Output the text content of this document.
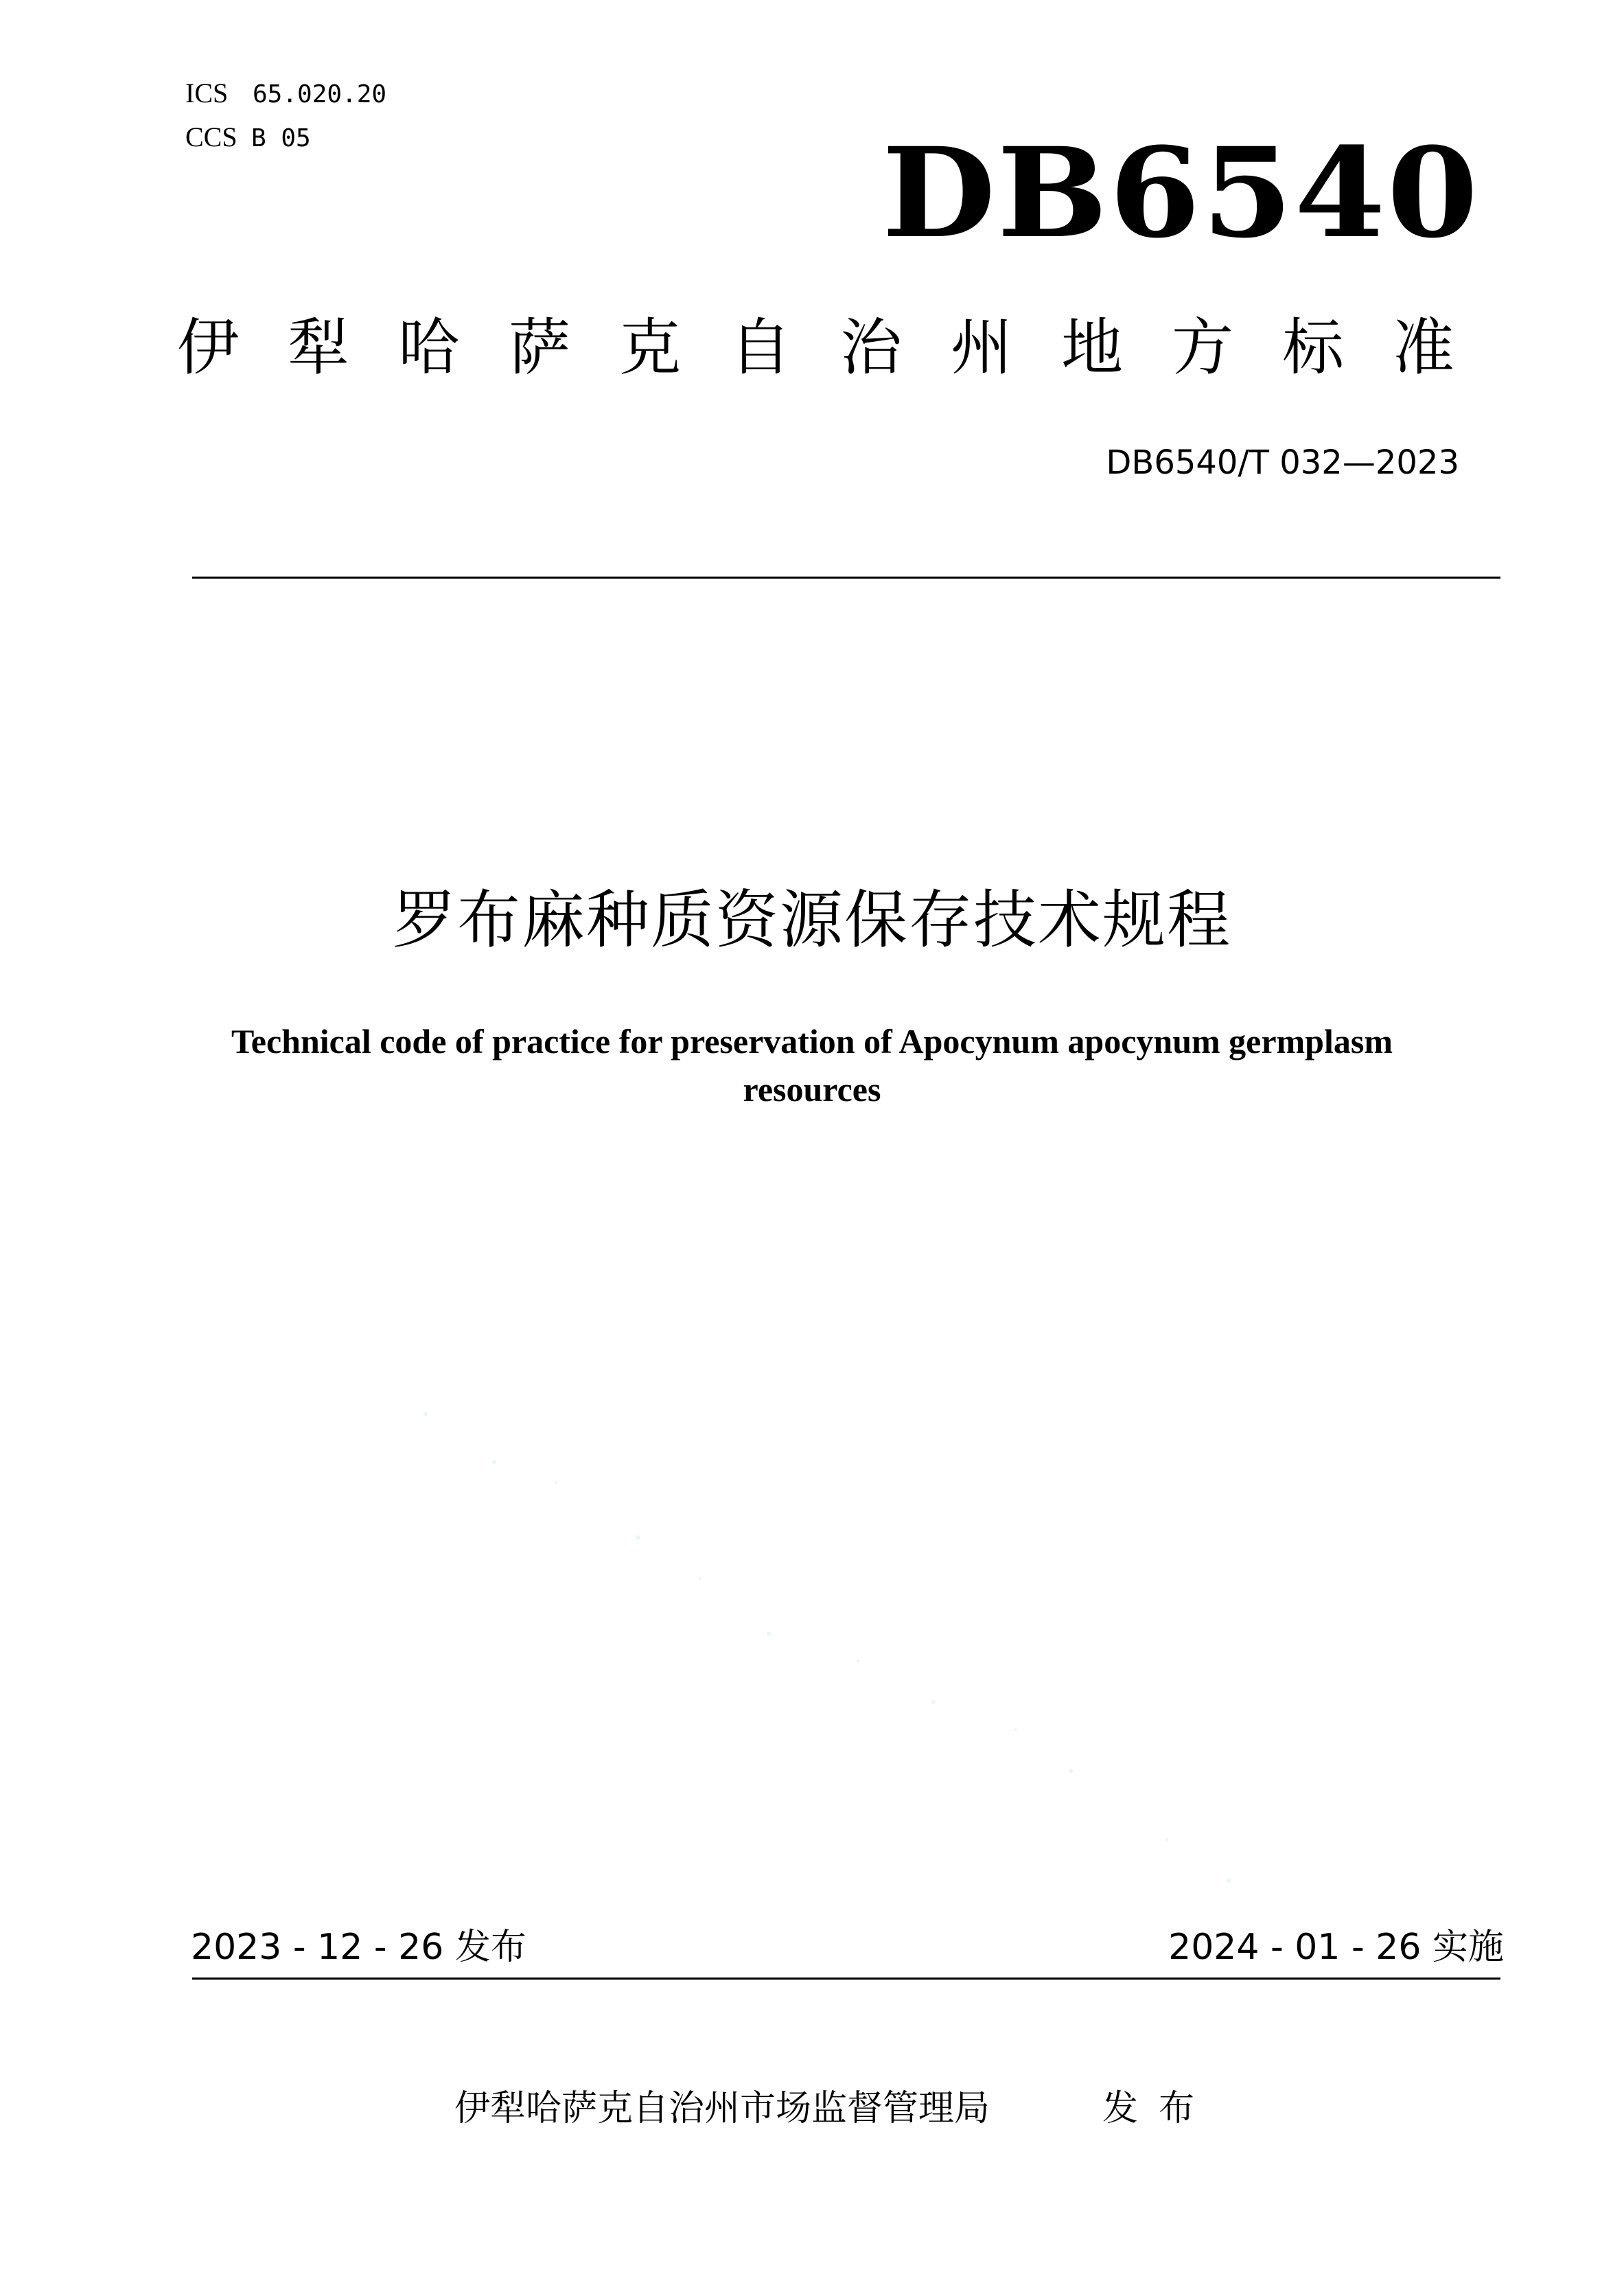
ICS 65.020.20
CCS B 05	DB6540
伊犁哈萨克自治州地方标准
DB6540/T 032—2023
罗布麻种质资源保存技术规程
Technical code of practice for preservation of Apocynum apocynum germplasm
resources
2023 - 12 - 26 发布	2024 - 01 - 26 实施
伊犁哈萨克自治州市场监督管理局	发布
